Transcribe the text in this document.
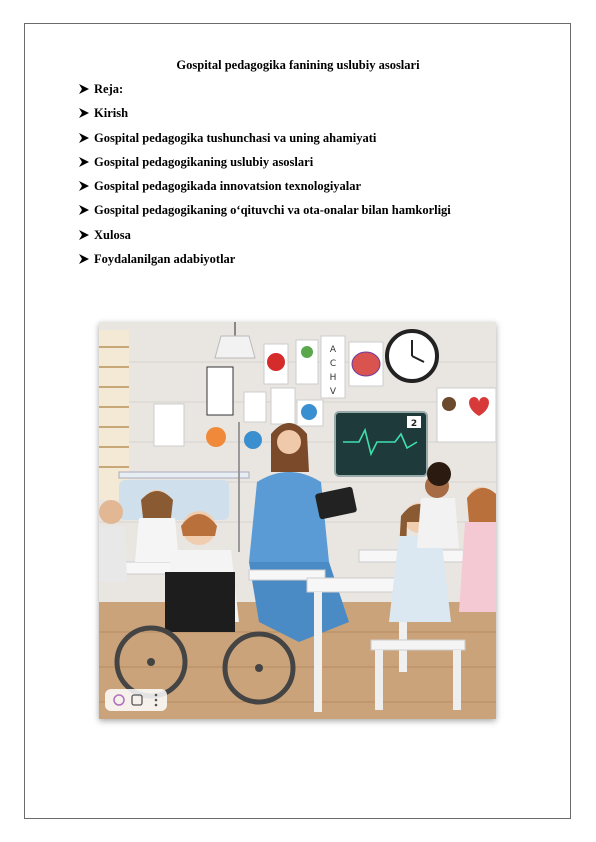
Gospital pedagogika fanining uslubiy asoslari
Reja:
Kirish
Gospital pedagogika tushunchasi va uning ahamiyati
Gospital pedagogikaning uslubiy asoslari
Gospital pedagogikada innovatsion texnologiyalar
Gospital pedagogikaning o‘qituvchi va ota-onalar bilan hamkorligi
Xulosa
Foydalanilgan adabiyotlar
A
C
H
V
2
